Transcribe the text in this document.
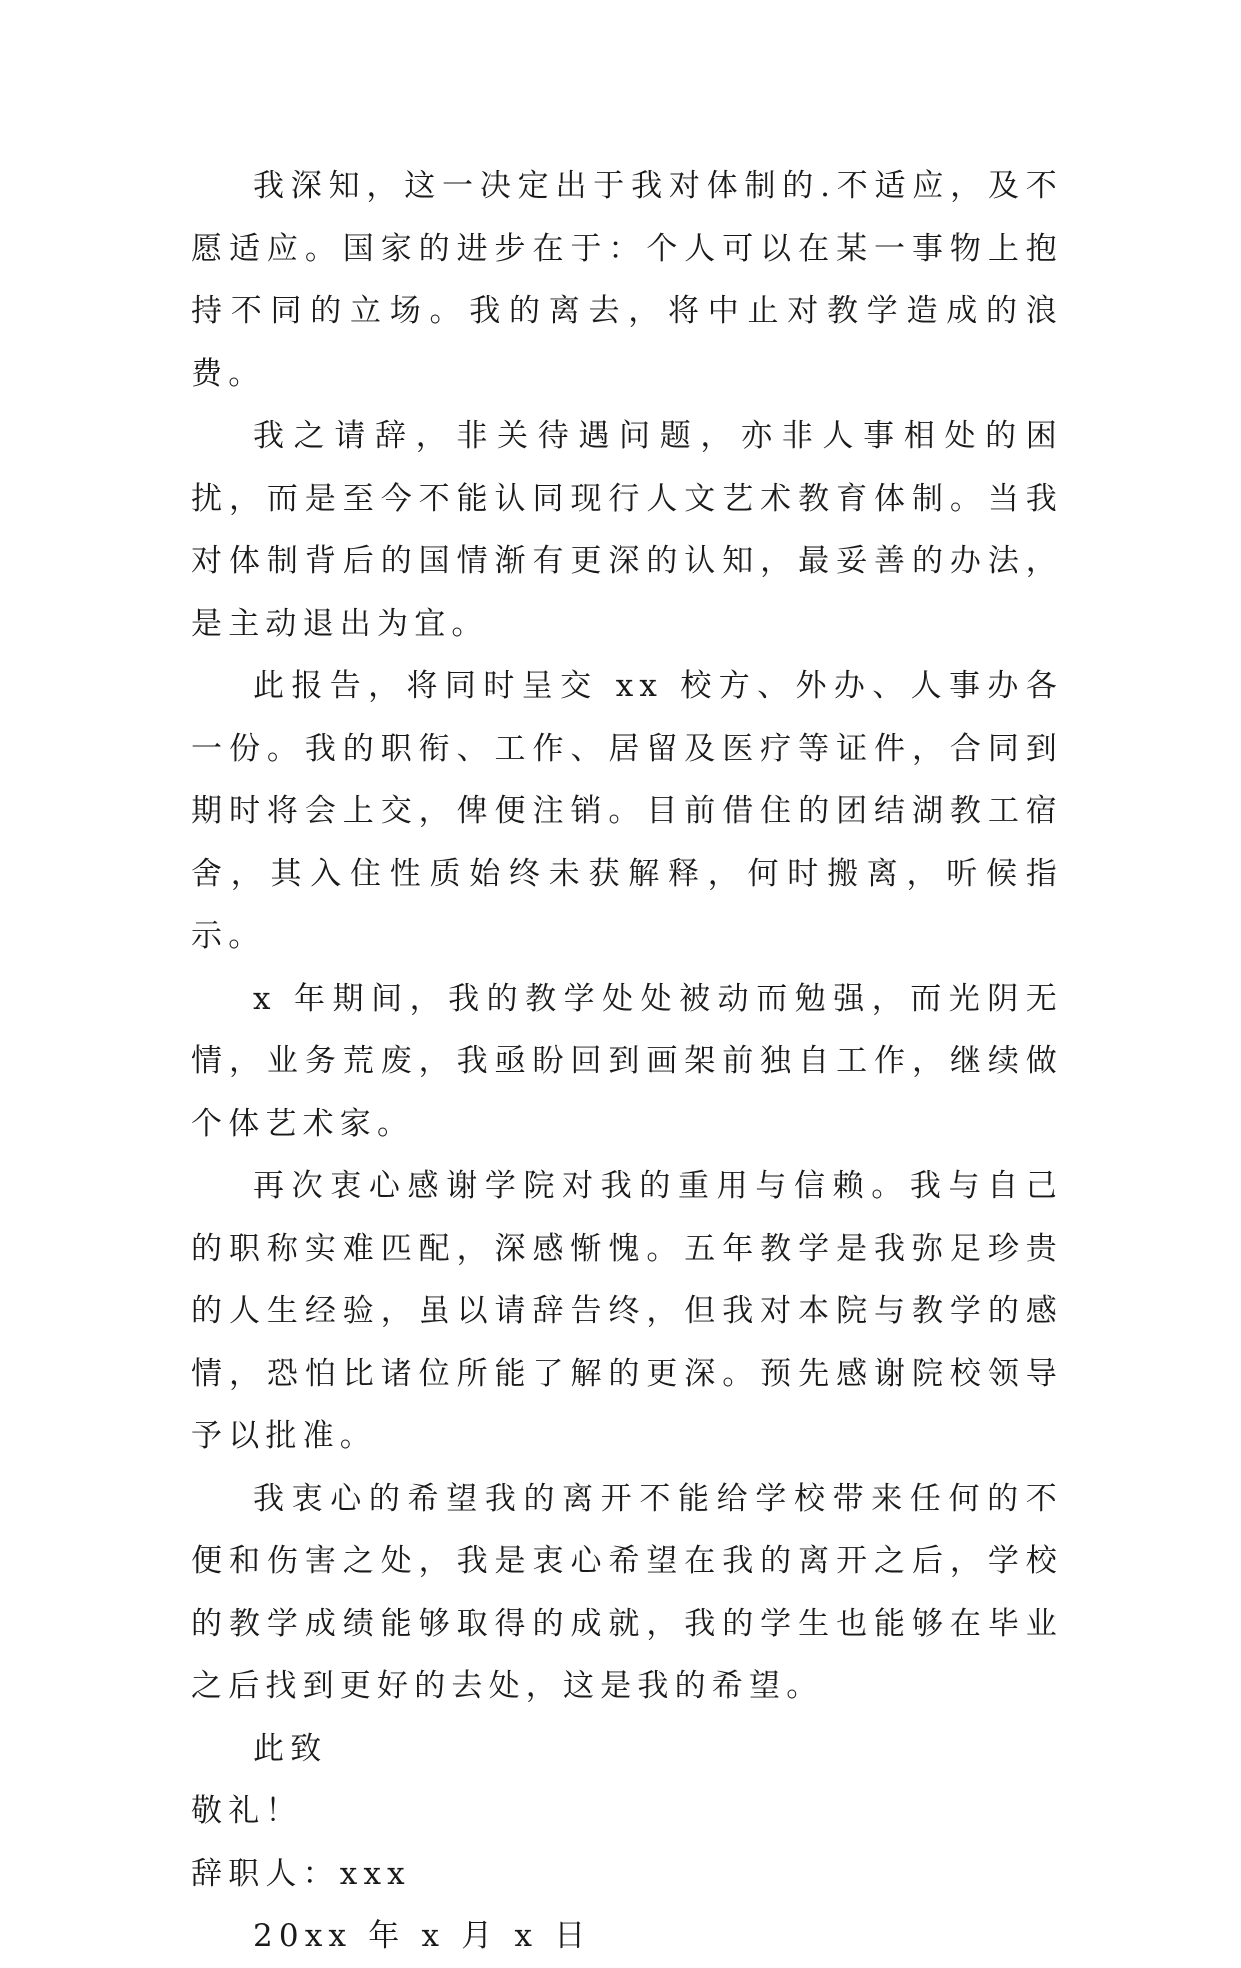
我深知，这一决定出于我对体制的.不适应，及不愿适应。国家的进步在于：个人可以在某一事物上抱持不同的立场。我的离去，将中止对教学造成的浪费。

我之请辞，非关待遇问题，亦非人事相处的困扰，而是至今不能认同现行人文艺术教育体制。当我对体制背后的国情渐有更深的认知，最妥善的办法，是主动退出为宜。

此报告，将同时呈交 xx 校方、外办、人事办各一份。我的职衔、工作、居留及医疗等证件，合同到期时将会上交，俾便注销。目前借住的团结湖教工宿舍，其入住性质始终未获解释，何时搬离，听候指示。

x 年期间，我的教学处处被动而勉强，而光阴无情，业务荒废，我亟盼回到画架前独自工作，继续做个体艺术家。

再次衷心感谢学院对我的重用与信赖。我与自己的职称实难匹配，深感惭愧。五年教学是我弥足珍贵的人生经验，虽以请辞告终，但我对本院与教学的感情，恐怕比诸位所能了解的更深。预先感谢院校领导予以批准。

我衷心的希望我的离开不能给学校带来任何的不便和伤害之处，我是衷心希望在我的离开之后，学校的教学成绩能够取得的成就，我的学生也能够在毕业之后找到更好的去处，这是我的希望。

此致

敬礼！

辞职人：xxx

20xx 年 x 月 x 日
